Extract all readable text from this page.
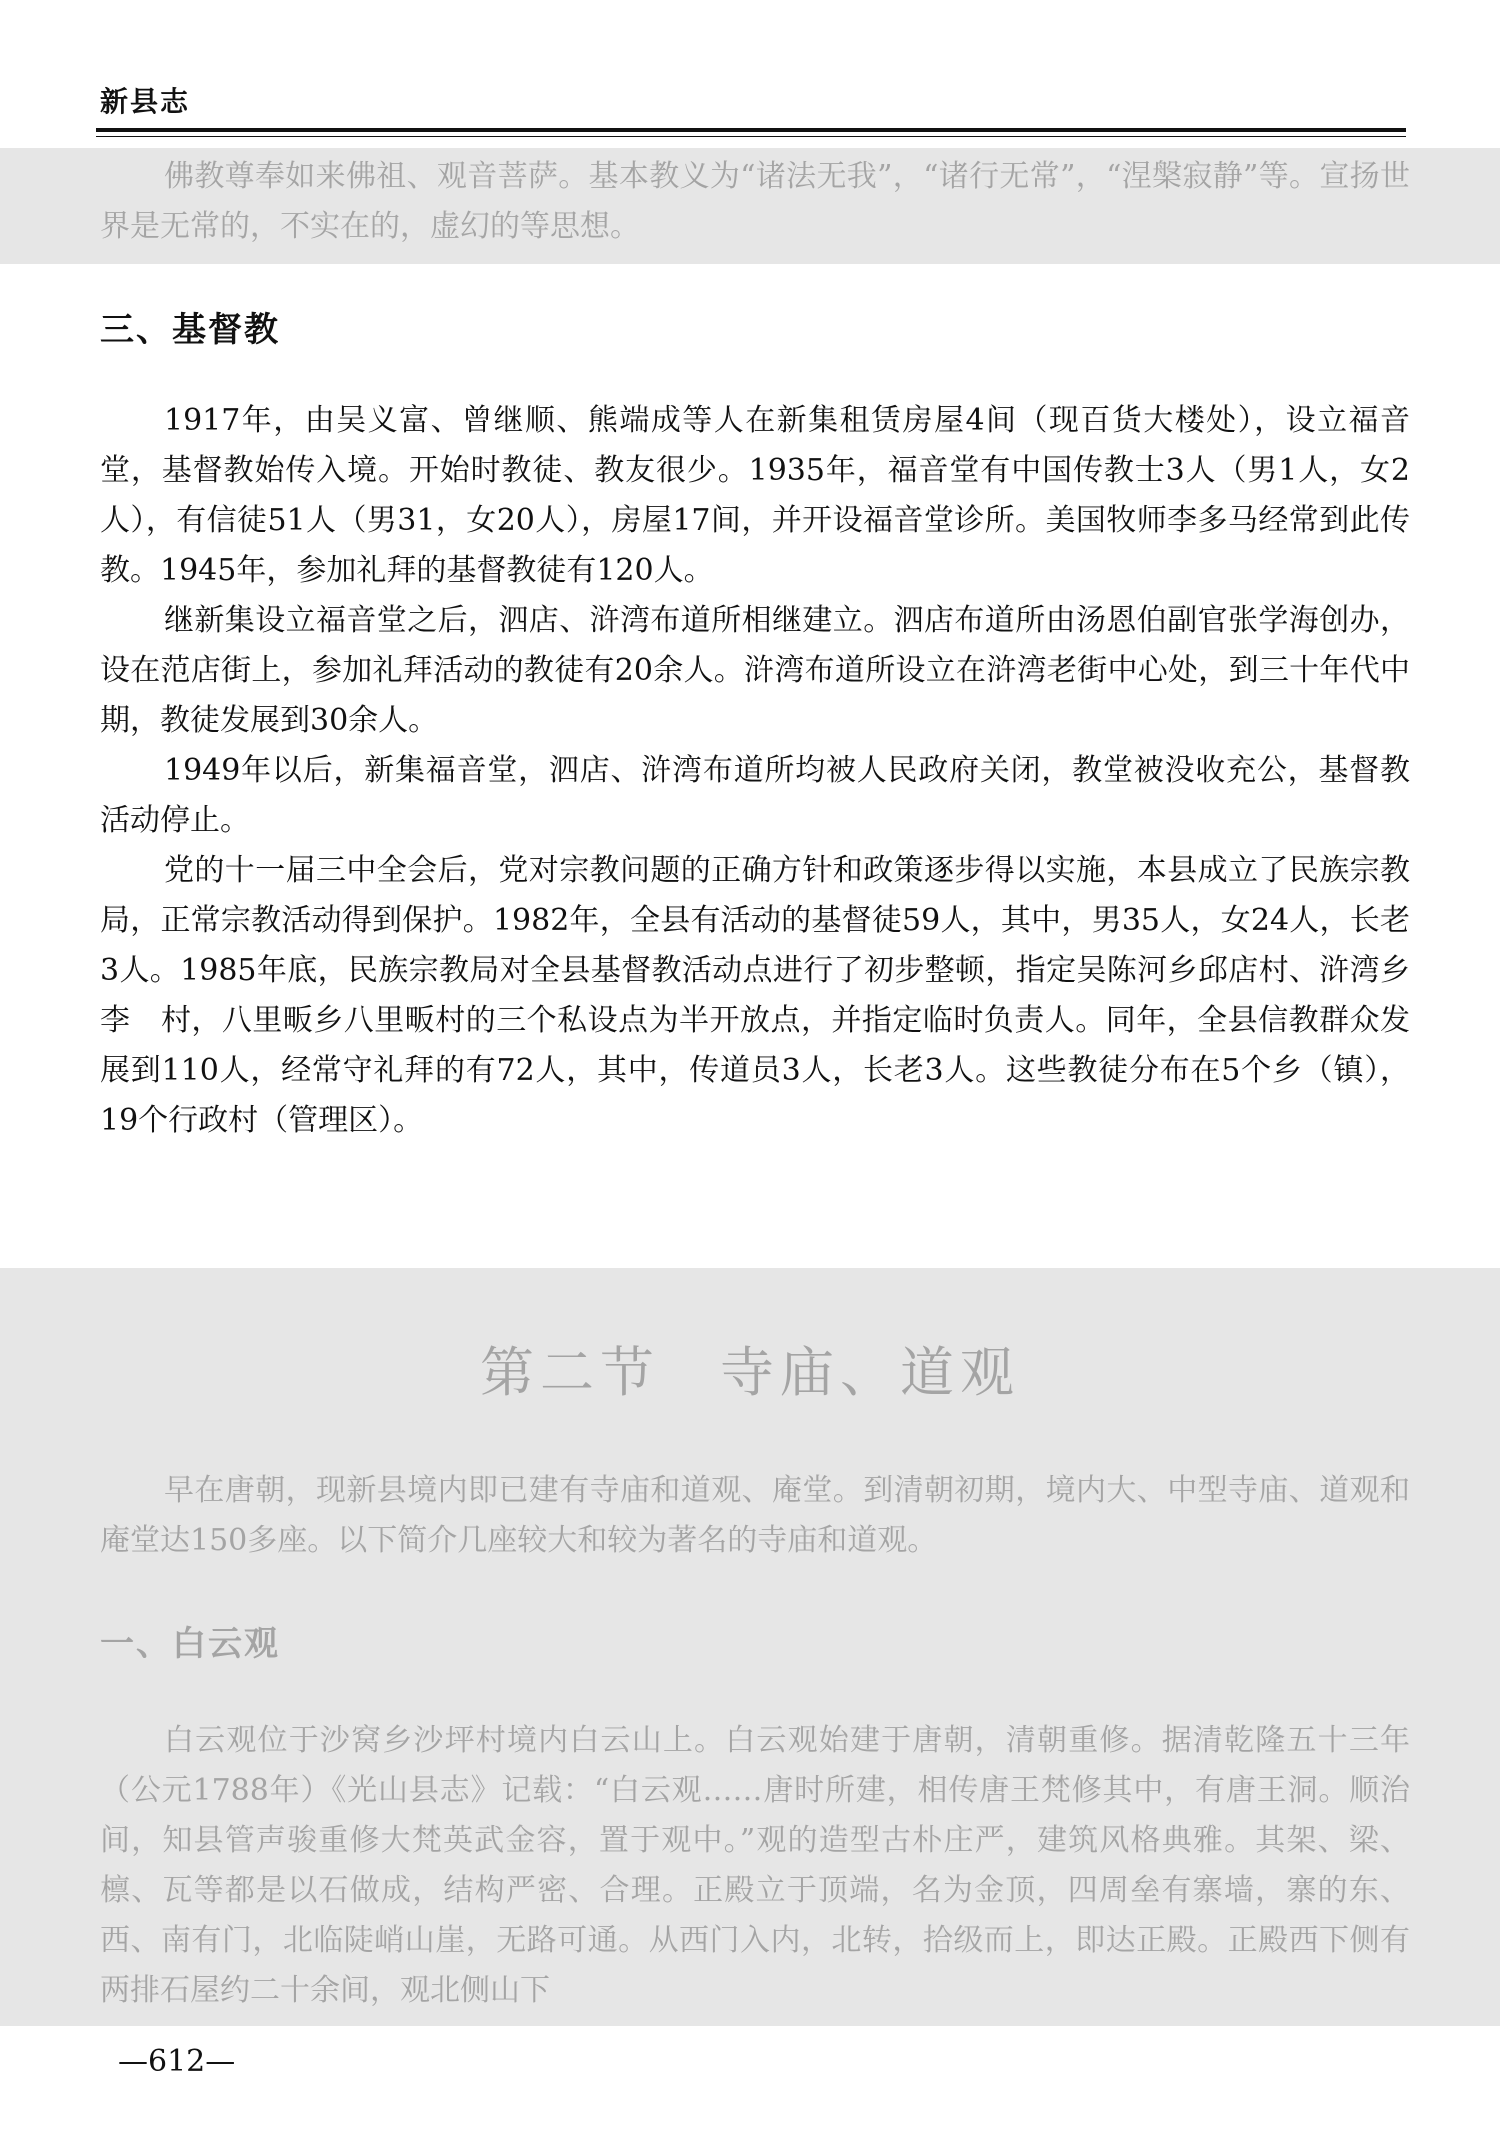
新县志

佛教尊奉如来佛祖、观音菩萨。基本教义为“诸法无我”，“诸行无常”，“涅槃寂静”等。宣扬世界是无常的，不实在的，虚幻的等思想。

三、基督教

1917年，由吴义富、曾继顺、熊端成等人在新集租赁房屋4间（现百货大楼处），设立福音堂，基督教始传入境。开始时教徒、教友很少。1935年，福音堂有中国传教士3人（男1人，女2人），有信徒51人（男31，女20人），房屋17间，并开设福音堂诊所。美国牧师李多马经常到此传教。1945年，参加礼拜的基督教徒有120人。

继新集设立福音堂之后，泗店、浒湾布道所相继建立。泗店布道所由汤恩伯副官张学海创办，设在范店街上，参加礼拜活动的教徒有20余人。浒湾布道所设立在浒湾老街中心处，到三十年代中期，教徒发展到30余人。

1949年以后，新集福音堂，泗店、浒湾布道所均被人民政府关闭，教堂被没收充公，基督教活动停止。

党的十一届三中全会后，党对宗教问题的正确方针和政策逐步得以实施，本县成立了民族宗教局，正常宗教活动得到保护。1982年，全县有活动的基督徒59人，其中，男35人，女24人，长老3人。1985年底，民族宗教局对全县基督教活动点进行了初步整顿，指定吴陈河乡邱店村、浒湾乡李　村，八里畈乡八里畈村的三个私设点为半开放点，并指定临时负责人。同年，全县信教群众发展到110人，经常守礼拜的有72人，其中，传道员3人，长老3人。这些教徒分布在5个乡（镇），19个行政村（管理区）。

第二节　寺庙、道观

早在唐朝，现新县境内即已建有寺庙和道观、庵堂。到清朝初期，境内大、中型寺庙、道观和庵堂达150多座。以下简介几座较大和较为著名的寺庙和道观。

一、白云观

白云观位于沙窝乡沙坪村境内白云山上。白云观始建于唐朝，清朝重修。据清乾隆五十三年（公元1788年）《光山县志》记载：“白云观……唐时所建，相传唐王梵修其中，有唐王洞。顺治间，知县管声骏重修大梵英武金容，置于观中。”观的造型古朴庄严，建筑风格典雅。其架、梁、檩、瓦等都是以石做成，结构严密、合理。正殿立于顶端，名为金顶，四周垒有寨墙，寨的东、西、南有门，北临陡峭山崖，无路可通。从西门入内，北转，拾级而上，即达正殿。正殿西下侧有两排石屋约二十余间，观北侧山下

—612—
